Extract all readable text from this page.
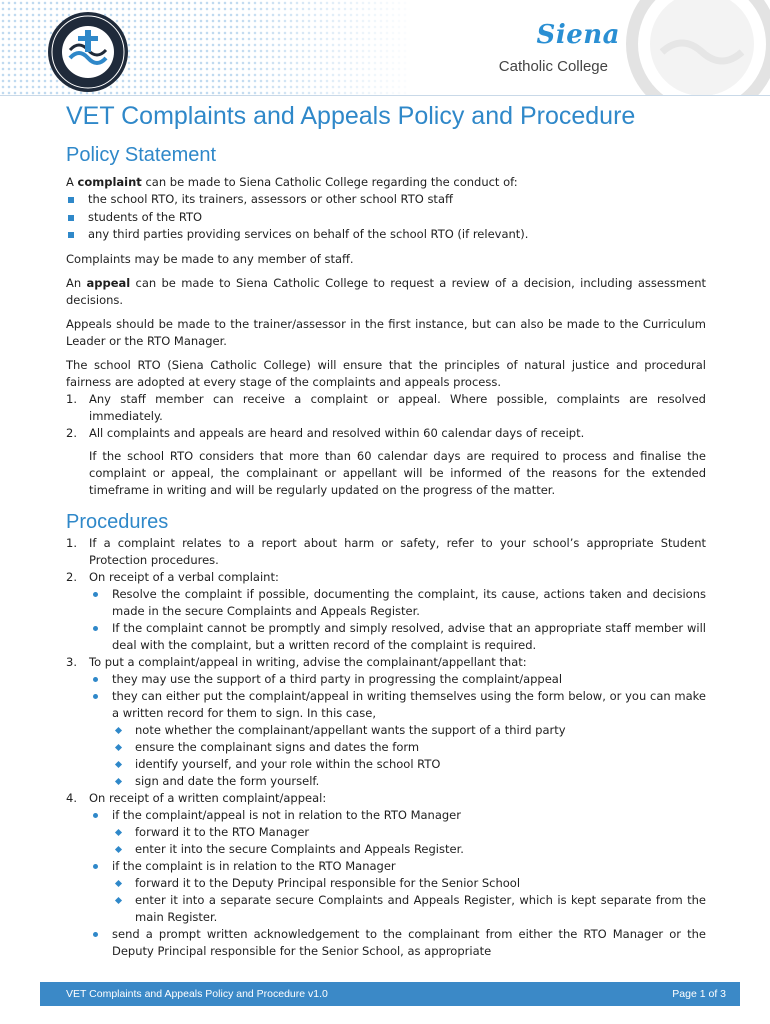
Siena
Catholic College
VET Complaints and Appeals Policy and Procedure
Policy Statement

A complaint can be made to Siena Catholic College regarding the conduct of:

the school RTO, its trainers, assessors or other school RTO staff
students of the RTO
any third parties providing services on behalf of the school RTO (if relevant).

Complaints may be made to any member of staff.

An appeal can be made to Siena Catholic College to request a review of a decision, including assessment decisions.

Appeals should be made to the trainer/assessor in the first instance, but can also be made to the Curriculum Leader or the RTO Manager.

The school RTO (Siena Catholic College) will ensure that the principles of natural justice and procedural fairness are adopted at every stage of the complaints and appeals process.

1. Any staff member can receive a complaint or appeal. Where possible, complaints are resolved immediately.
2. All complaints and appeals are heard and resolved within 60 calendar days of receipt.

If the school RTO considers that more than 60 calendar days are required to process and finalise the complaint or appeal, the complainant or appellant will be informed of the reasons for the extended timeframe in writing and will be regularly updated on the progress of the matter.

Procedures
1. If a complaint relates to a report about harm or safety, refer to your school’s appropriate Student Protection procedures.
2. On receipt of a verbal complaint:
Resolve the complaint if possible, documenting the complaint, its cause, actions taken and decisions made in the secure Complaints and Appeals Register.
If the complaint cannot be promptly and simply resolved, advise that an appropriate staff member will deal with the complaint, but a written record of the complaint is required.
3. To put a complaint/appeal in writing, advise the complainant/appellant that:
they may use the support of a third party in progressing the complaint/appeal
they can either put the complaint/appeal in writing themselves using the form below, or you can make a written record for them to sign. In this case,
note whether the complainant/appellant wants the support of a third party
ensure the complainant signs and dates the form
identify yourself, and your role within the school RTO
sign and date the form yourself.
4. On receipt of a written complaint/appeal:
if the complaint/appeal is not in relation to the RTO Manager
forward it to the RTO Manager
enter it into the secure Complaints and Appeals Register.
if the complaint is in relation to the RTO Manager
forward it to the Deputy Principal responsible for the Senior School
enter it into a separate secure Complaints and Appeals Register, which is kept separate from the main Register.
send a prompt written acknowledgement to the complainant from either the RTO Manager or the Deputy Principal responsible for the Senior School, as appropriate
VET Complaints and Appeals Policy and Procedure v1.0	Page 1 of 3
